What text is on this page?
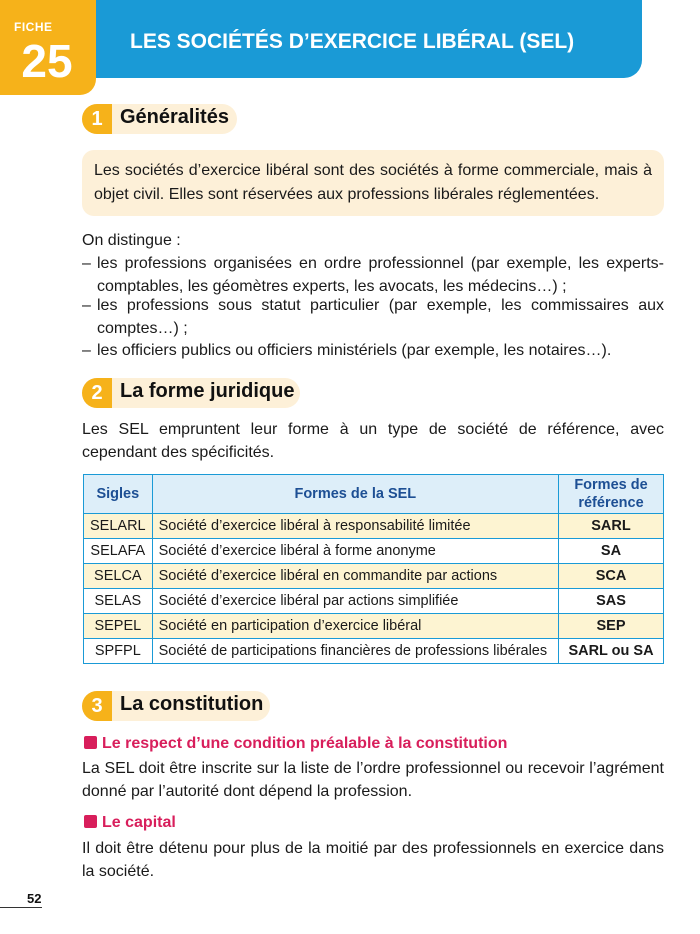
FICHE
25	LES SOCIÉTÉS D’EXERCICE LIBÉRAL (SEL)
1 Généralités
Les sociétés d’exercice libéral sont des sociétés à forme commerciale, mais à objet civil. Elles sont réservées aux professions libérales réglementées.
On distingue :
– les professions organisées en ordre professionnel (par exemple, les experts-comptables, les géomètres experts, les avocats, les médecins…) ;
– les professions sous statut particulier (par exemple, les commissaires aux comptes…) ;
– les officiers publics ou officiers ministériels (par exemple, les notaires…).
2 La forme juridique
Les SEL empruntent leur forme à un type de société de référence, avec cependant des spécificités.
Sigles	Formes de la SEL	Formes de référence
SELARL	Société d’exercice libéral à responsabilité limitée	SARL
SELAFA	Société d’exercice libéral à forme anonyme	SA
SELCA	Société d’exercice libéral en commandite par actions	SCA
SELAS	Société d’exercice libéral par actions simplifiée	SAS
SEPEL	Société en participation d’exercice libéral	SEP
SPFPL	Société de participations financières de professions libérales	SARL ou SA
3 La constitution
Le respect d’une condition préalable à la constitution
La SEL doit être inscrite sur la liste de l’ordre professionnel ou recevoir l’agrément donné par l’autorité dont dépend la profession.
Le capital
Il doit être détenu pour plus de la moitié par des professionnels en exercice dans la société.
52
